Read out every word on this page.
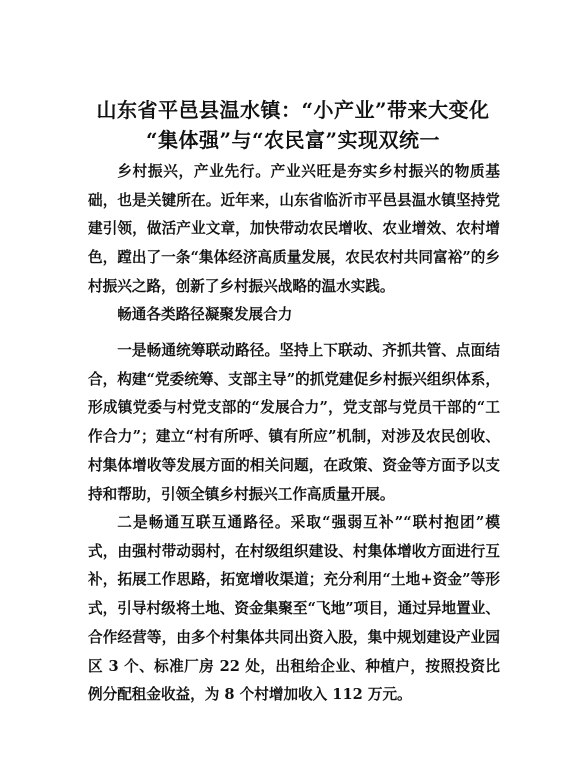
山东省平邑县温水镇：“小产业”带来大变化
“集体强”与“农民富”实现双统一

乡村振兴，产业先行。产业兴旺是夯实乡村振兴的物质基础，也是关键所在。近年来，山东省临沂市平邑县温水镇坚持党建引领，做活产业文章，加快带动农民增收、农业增效、农村增色，蹚出了一条“集体经济高质量发展，农民农村共同富裕”的乡村振兴之路，创新了乡村振兴战略的温水实践。

畅通各类路径凝聚发展合力

一是畅通统筹联动路径。坚持上下联动、齐抓共管、点面结合，构建“党委统筹、支部主导”的抓党建促乡村振兴组织体系，形成镇党委与村党支部的“发展合力”，党支部与党员干部的“工作合力”；建立“村有所呼、镇有所应”机制，对涉及农民创收、村集体增收等发展方面的相关问题，在政策、资金等方面予以支持和帮助，引领全镇乡村振兴工作高质量开展。

二是畅通互联互通路径。采取“强弱互补”“联村抱团”模式，由强村带动弱村，在村级组织建设、村集体增收方面进行互补，拓展工作思路，拓宽增收渠道；充分利用“土地+资金”等形式，引导村级将土地、资金集聚至“飞地”项目，通过异地置业、合作经营等，由多个村集体共同出资入股，集中规划建设产业园区 3 个、标准厂房 22 处，出租给企业、种植户，按照投资比例分配租金收益，为 8 个村增加收入 112 万元。
